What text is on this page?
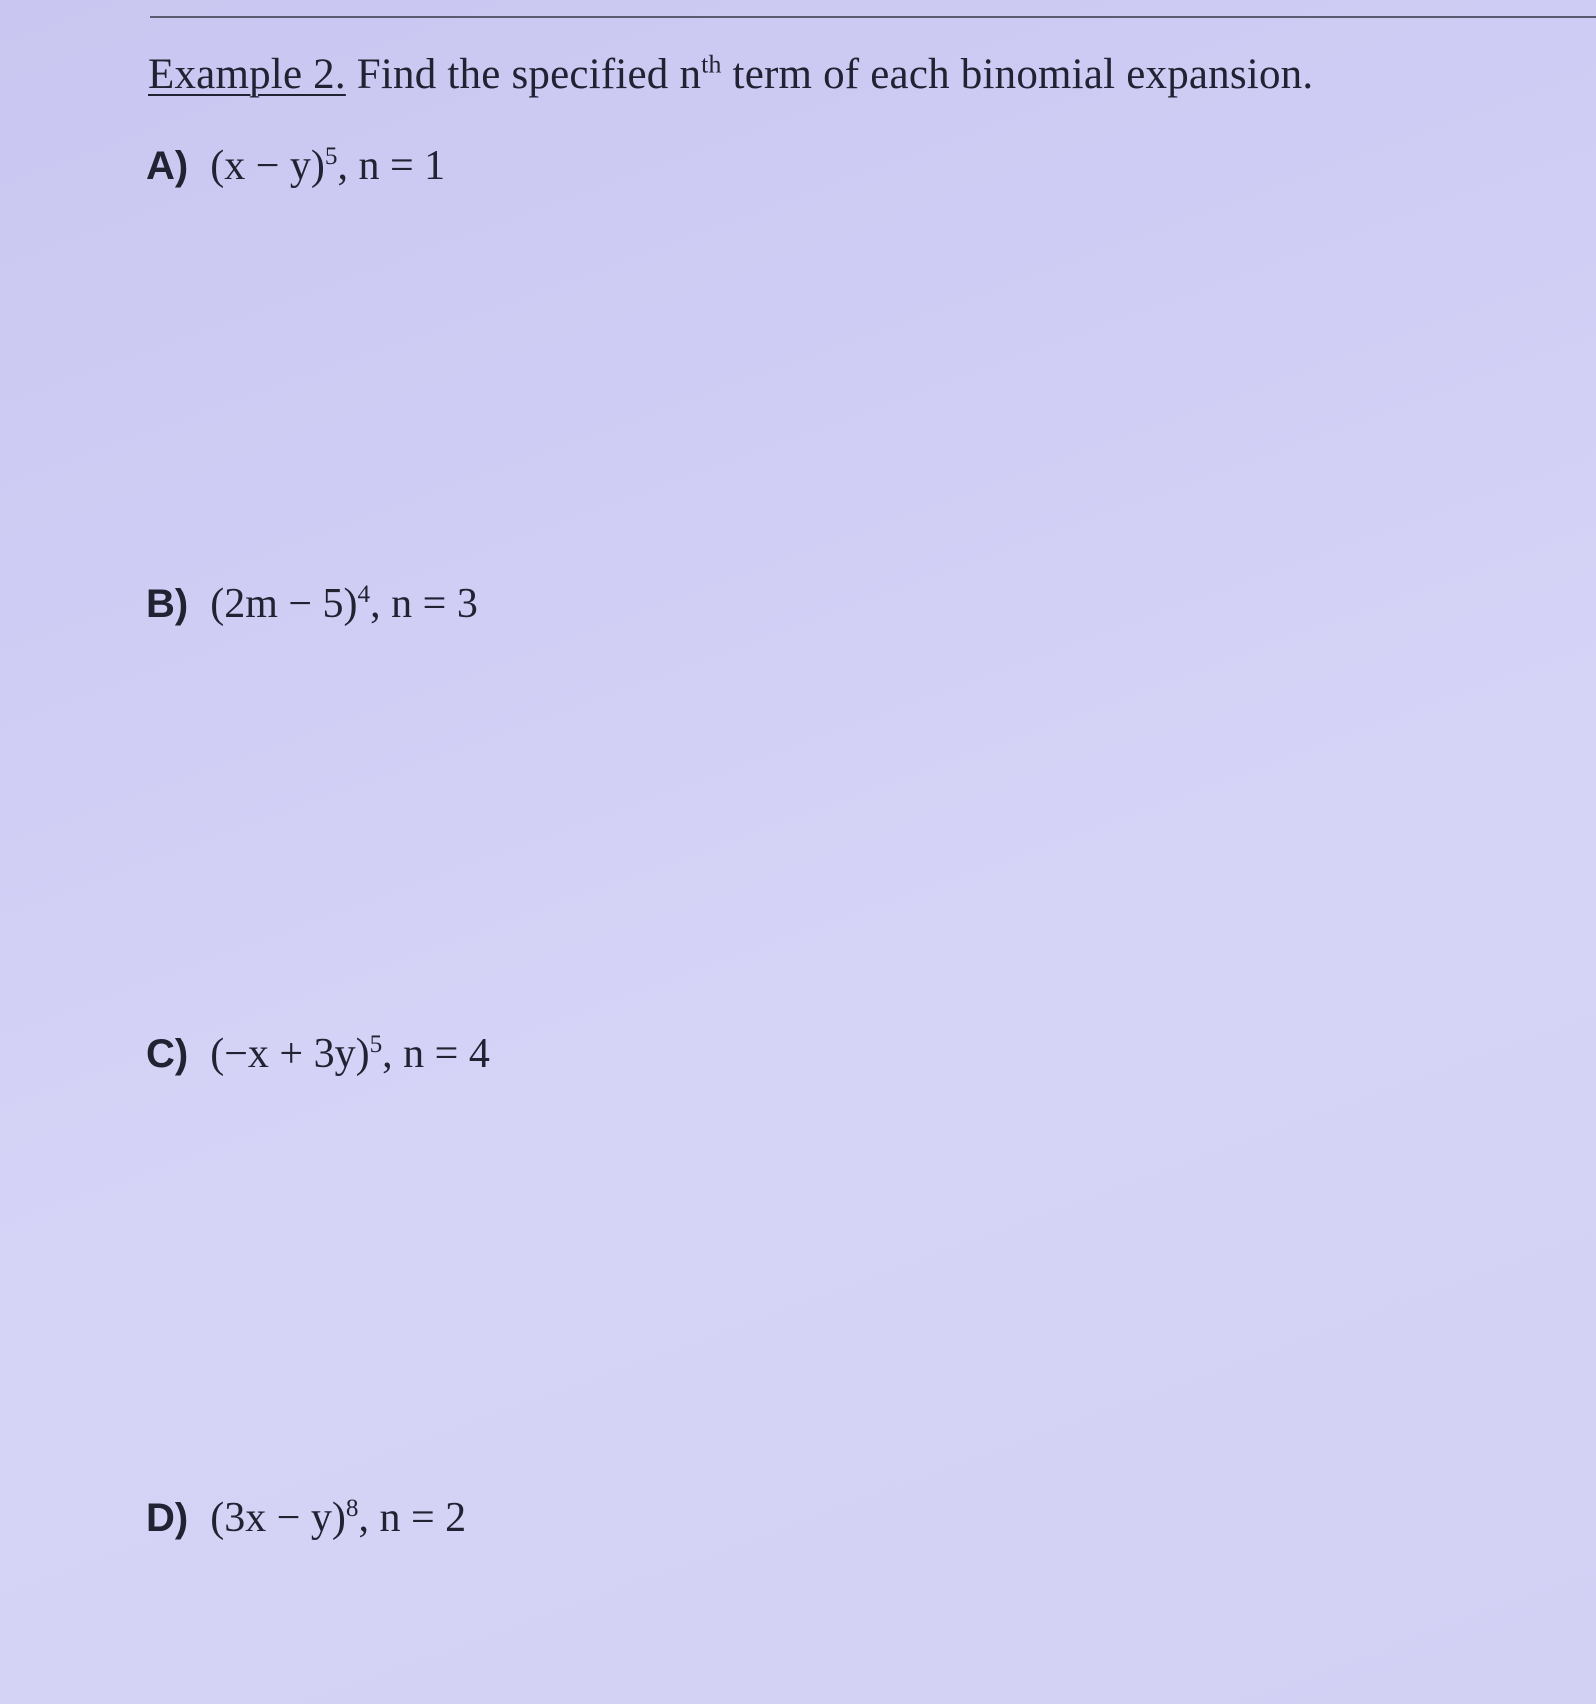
Example 2. Find the specified $n^{th}$ term of each binomial expansion.
A) $(x - y)^5$, n = 1
B) $(2m - 5)^4$, n = 3
C) $(-x + 3y)^5$, n = 4
D) $(3x - y)^8$, n = 2
